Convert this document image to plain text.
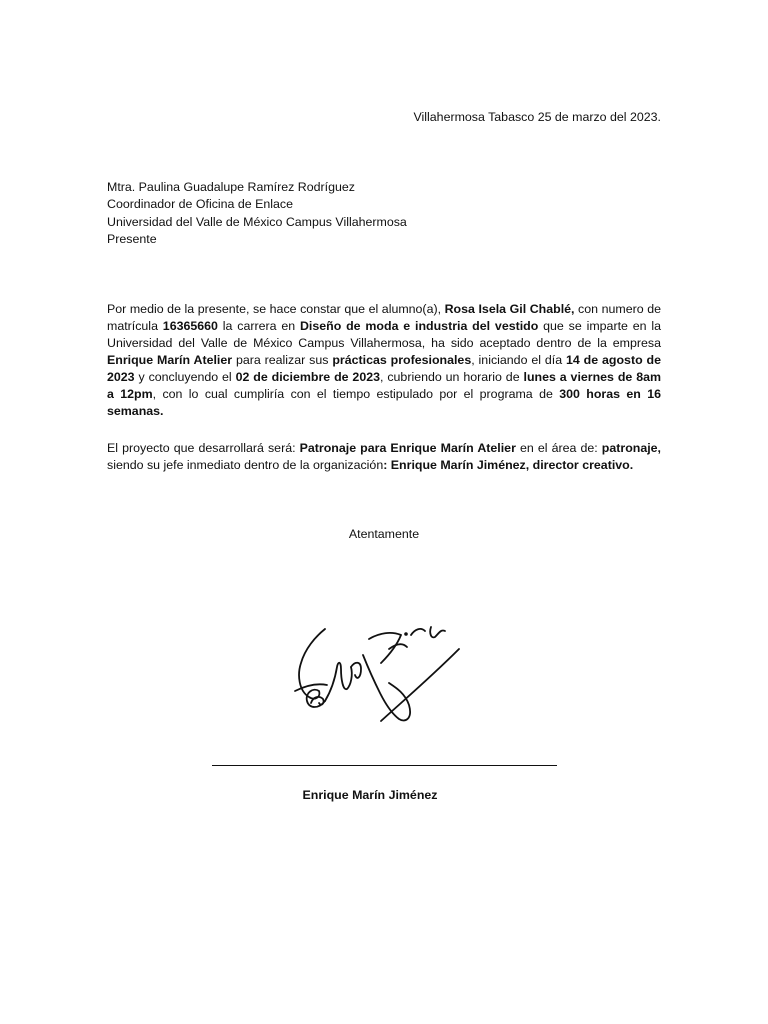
Villahermosa Tabasco 25 de marzo del 2023.
Mtra. Paulina Guadalupe Ramírez Rodríguez
Coordinador de Oficina de Enlace
Universidad del Valle de México Campus Villahermosa
Presente

Por medio de la presente, se hace constar que el alumno(a), Rosa Isela Gil Chablé, con numero de matrícula 16365660 la carrera en Diseño de moda e industria del vestido que se imparte en la Universidad del Valle de México Campus Villahermosa, ha sido aceptado dentro de la empresa Enrique Marín Atelier para realizar sus prácticas profesionales, iniciando el día 14 de agosto de 2023 y concluyendo el 02 de diciembre de 2023, cubriendo un horario de lunes a viernes de 8am a 12pm, con lo cual cumpliría con el tiempo estipulado por el programa de 300 horas en 16 semanas.

El proyecto que desarrollará será: Patronaje para Enrique Marín Atelier en el área de: patronaje, siendo su jefe inmediato dentro de la organización: Enrique Marín Jiménez, director creativo.

Atentamente
Enrique Marín Jiménez
